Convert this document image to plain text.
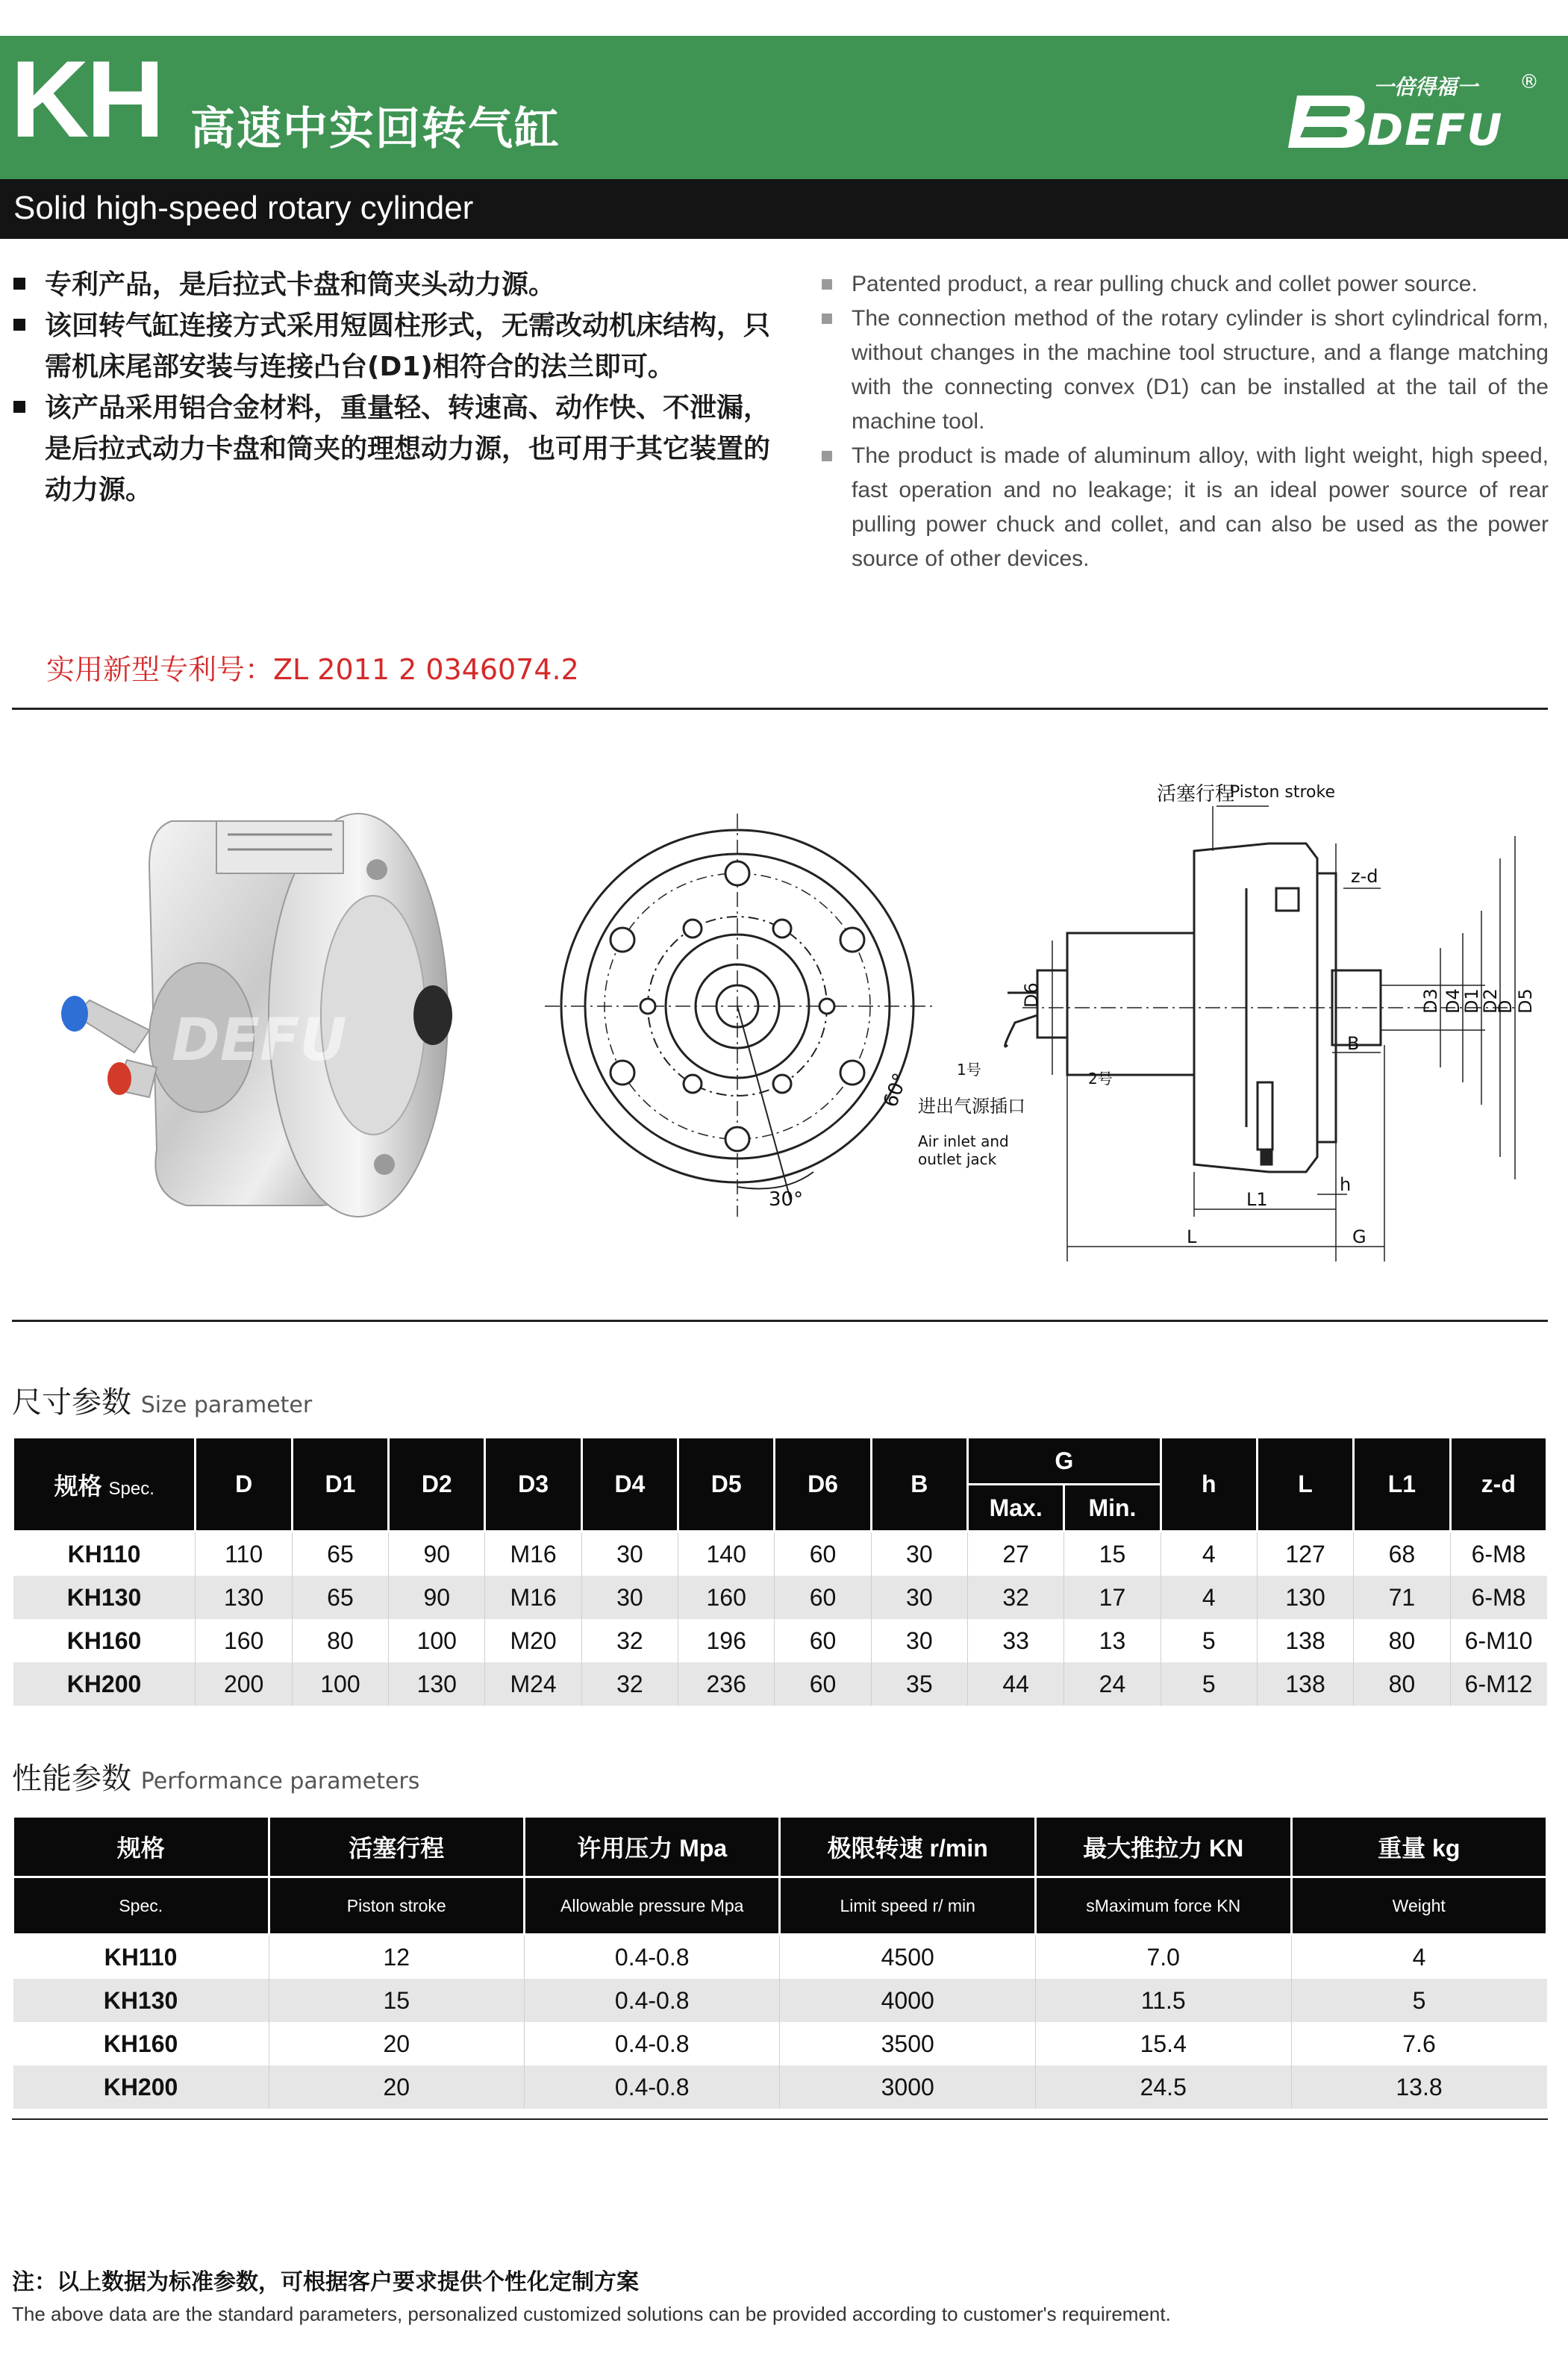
KH 高速中实回转气缸
一倍得福一 ®
DEFU
Solid high-speed rotary cylinder
专利产品，是后拉式卡盘和筒夹头动力源。
该回转气缸连接方式采用短圆柱形式，无需改动机床结构，只需机床尾部安装与连接凸台(D1)相符合的法兰即可。
该产品采用铝合金材料，重量轻、转速高、动作快、不泄漏，是后拉式动力卡盘和筒夹的理想动力源，也可用于其它装置的动力源。
Patented product, a rear pulling chuck and collet power source.
The connection method of the rotary cylinder is short cylindrical form, without changes in the machine tool structure, and a flange matching with the connecting convex (D1) can be installed at the tail of the machine tool.
The product is made of aluminum alloy, with light weight, high speed, fast operation and no leakage; it is an ideal power source of rear pulling power chuck and collet, and can also be used as the power source of other devices.
实用新型专利号：ZL 2011 2 0346074.2
DEFU
60°
30°
活塞行程
Piston stroke
z-d
D6	D3 D4
D1
D2
D D5
B
h
L1
L	G
1号	2号
进出气源插口
Air inlet and
outlet jack
尺寸参数 Size parameter
规格 Spec.	D	D1	D2	D3	D4	D5	D6	B	G		h	L	L1	z-d
									Max.	Min.				
KH110	110	65	90	M16	30	140	60	30	27	15	4	127	68	6-M8
KH130	130	65	90	M16	30	160	60	30	32	17	4	130	71	6-M8
KH160	160	80	100	M20	32	196	60	30	33	13	5	138	80	6-M10
KH200	200	100	130	M24	32	236	60	35	44	24	5	138	80	6-M12
性能参数 Performance parameters
规格	活塞行程	许用压力 Mpa	极限转速 r/min	最大推拉力 KN	重量 kg
Spec.	Piston stroke	Allowable pressure Mpa	Limit speed r/ min	sMaximum force KN	Weight
KH110	12	0.4-0.8	4500	7.0	4
KH130	15	0.4-0.8	4000	11.5	5
KH160	20	0.4-0.8	3500	15.4	7.6
KH200	20	0.4-0.8	3000	24.5	13.8
注：以上数据为标准参数，可根据客户要求提供个性化定制方案
The above data are the standard parameters, personalized customized solutions can be provided according to customer's requirement.
